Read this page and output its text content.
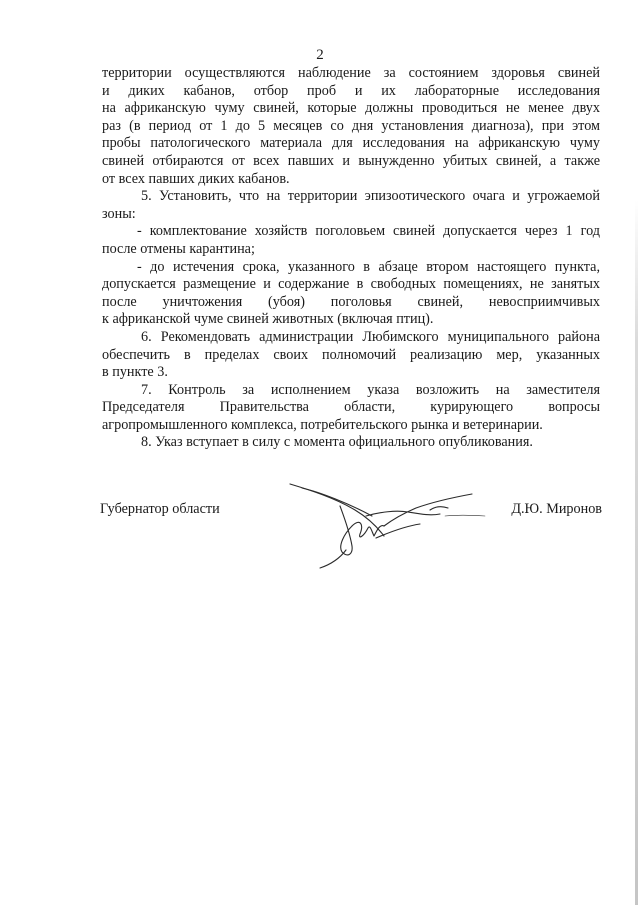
2

территории осуществляются наблюдение за состоянием здоровья свиней

и диких кабанов, отбор проб и их лабораторные исследования

на африканскую чуму свиней, которые должны проводиться не менее двух

раз (в период от 1 до 5 месяцев со дня установления диагноза), при этом

пробы патологического материала для исследования на африканскую чуму

свиней отбираются от всех павших и вынужденно убитых свиней, а также

от всех павших диких кабанов.

5. Установить, что на территории эпизоотического очага и угрожаемой

зоны:

- комплектование хозяйств поголовьем свиней допускается через 1 год

после отмены карантина;

- до истечения срока, указанного в абзаце втором настоящего пункта,

допускается размещение и содержание в свободных помещениях, не занятых

после уничтожения (убоя) поголовья свиней, невосприимчивых

к африканской чуме свиней животных (включая птиц).

6. Рекомендовать администрации Любимского муниципального района

обеспечить в пределах своих полномочий реализацию мер, указанных

в пункте 3.

7. Контроль за исполнением указа возложить на заместителя

Председателя Правительства области, курирующего вопросы

агропромышленного комплекса, потребительского рынка и ветеринарии.

8. Указ вступает в силу с момента официального опубликования.

Губернатор области	Д.Ю. Миронов
